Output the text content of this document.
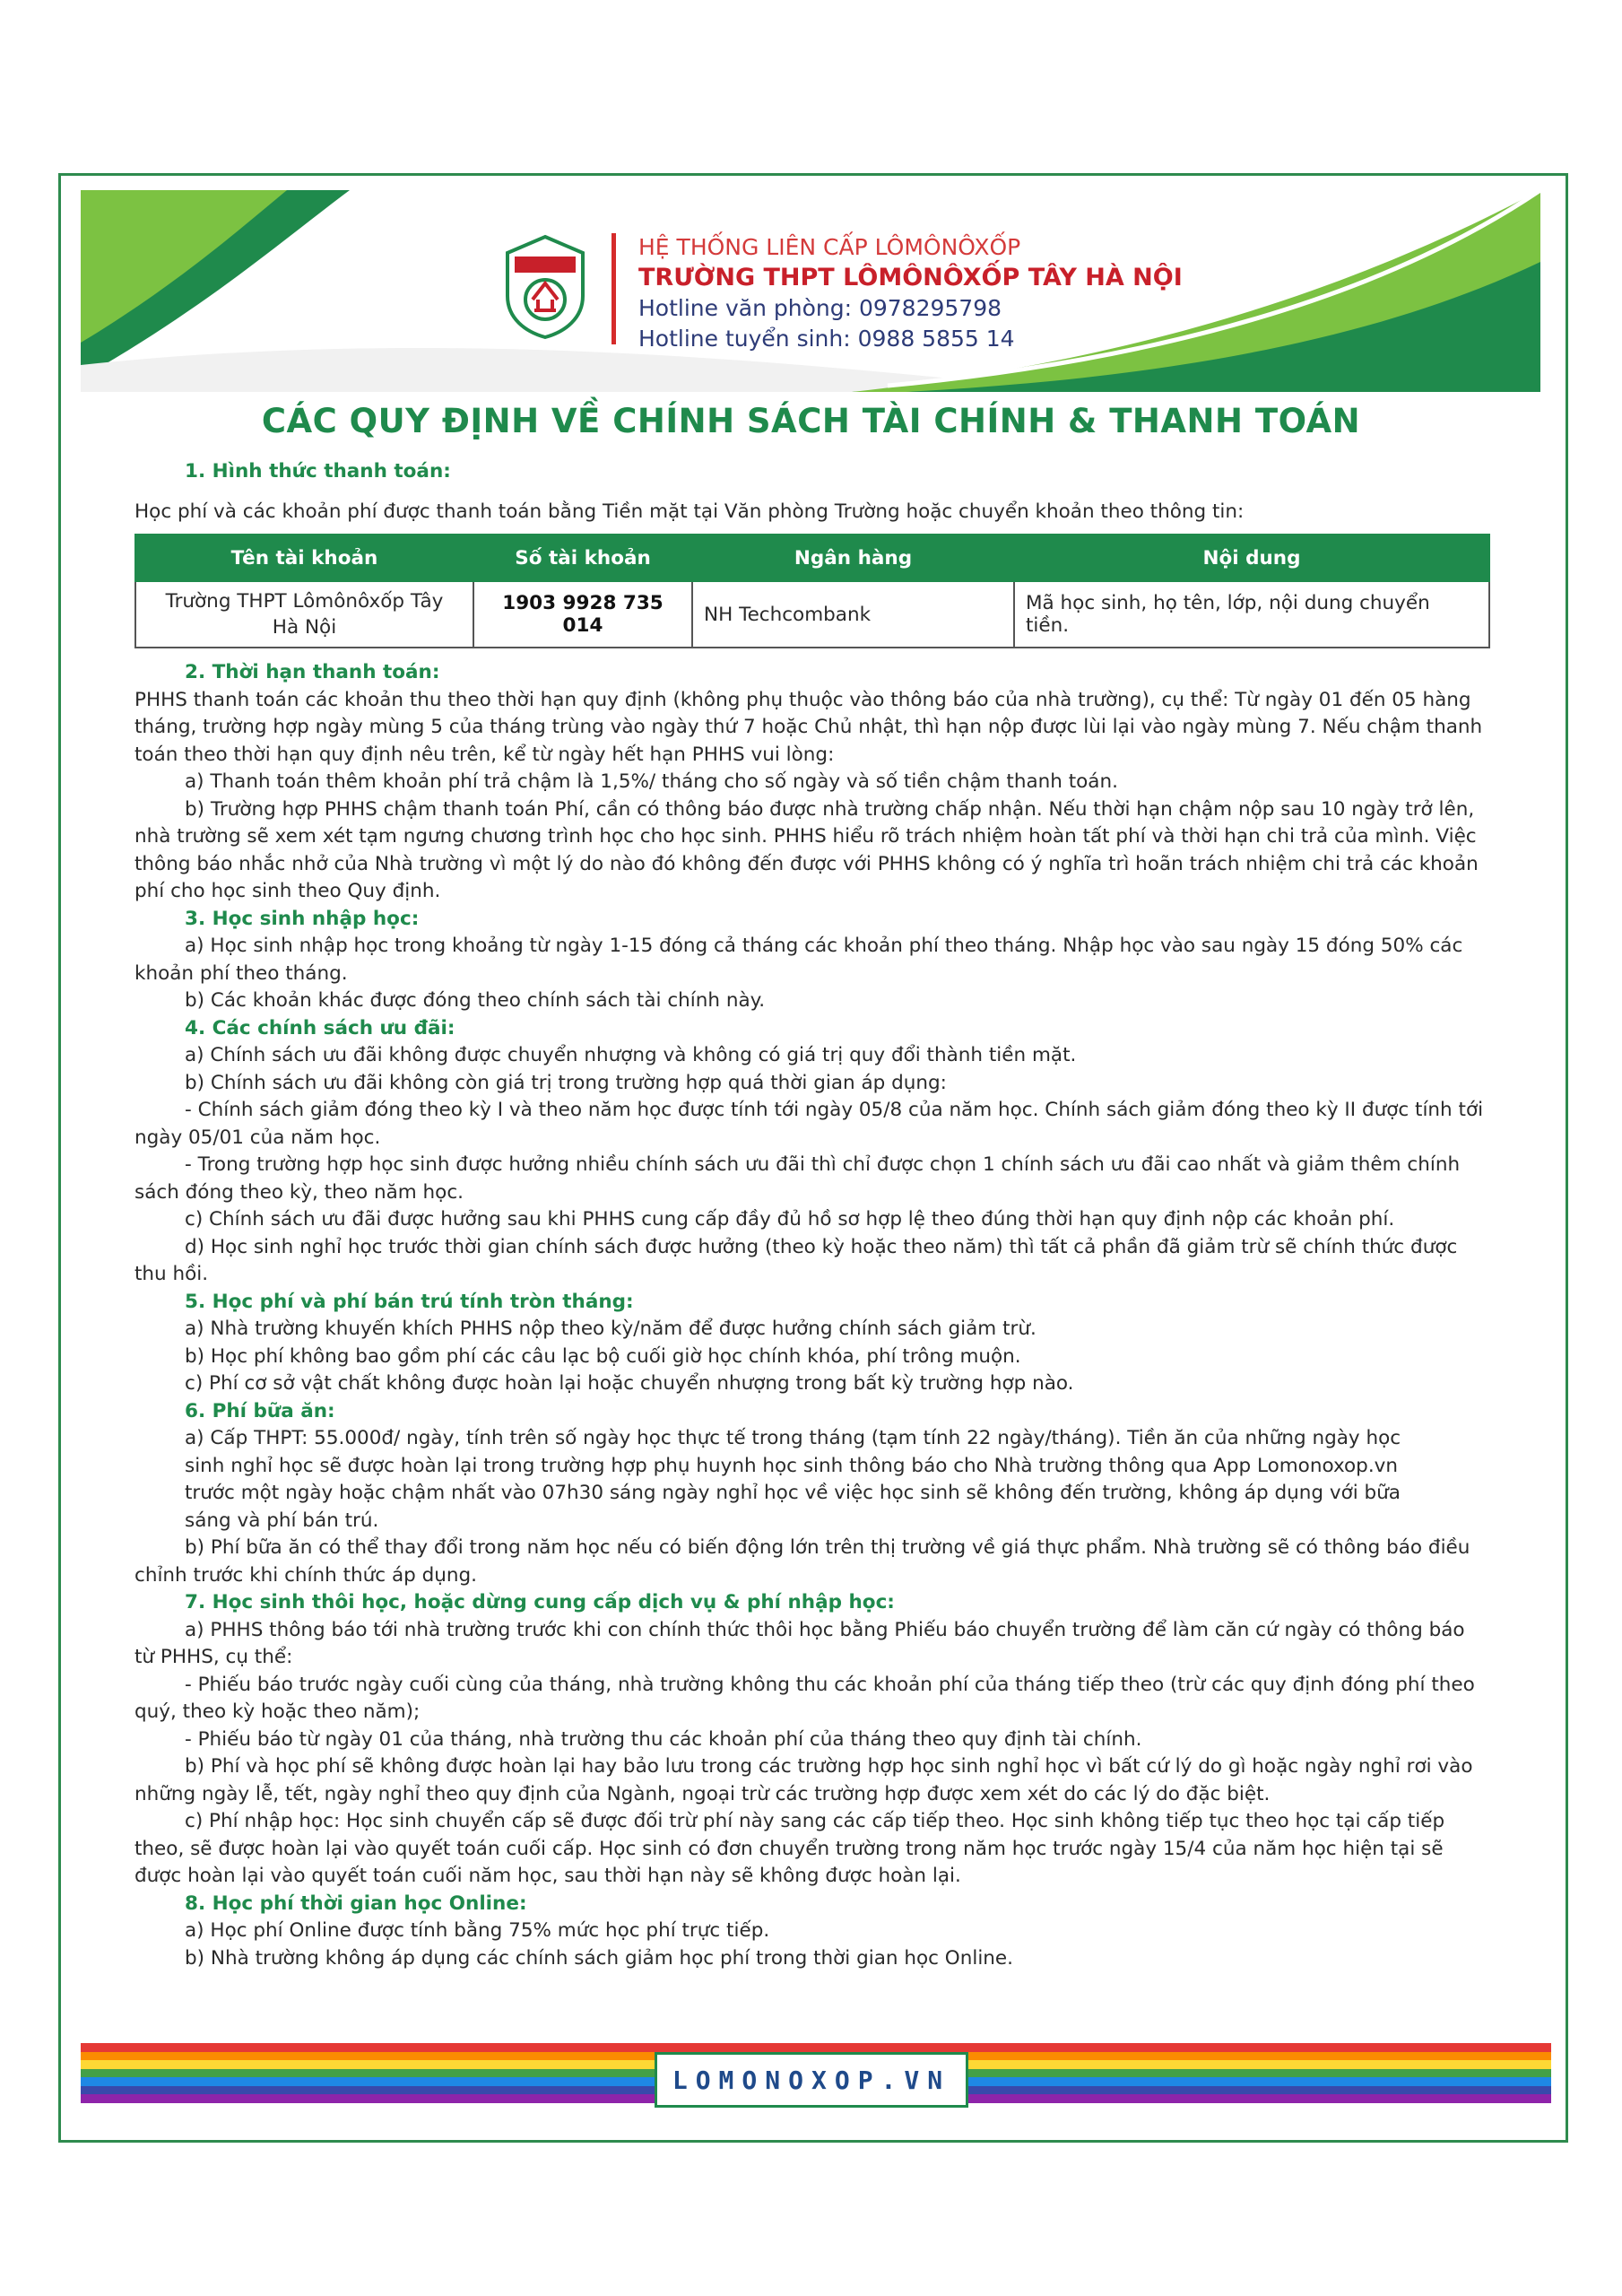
HỆ THỐNG LIÊN CẤP LÔMÔNÔXỐP
TRƯỜNG THPT LÔMÔNÔXỐP TÂY HÀ NỘI
Hotline văn phòng: 0978295798
Hotline tuyển sinh: 0988 5855 14
CÁC QUY ĐỊNH VỀ CHÍNH SÁCH TÀI CHÍNH & THANH TOÁN
1. Hình thức thanh toán:
Học phí và các khoản phí được thanh toán bằng Tiền mặt tại Văn phòng Trường hoặc chuyển khoản theo thông tin:
Tên tài khoản	Số tài khoản	Ngân hàng	Nội dung
Trường THPT Lômônôxốp Tây Hà Nội	1903 9928 735 014	NH Techcombank	Mã học sinh, họ tên, lớp, nội dung chuyển tiền.
2. Thời hạn thanh toán:
PHHS thanh toán các khoản thu theo thời hạn quy định (không phụ thuộc vào thông báo của nhà trường), cụ thể: Từ ngày 01 đến 05 hàng tháng, trường hợp ngày mùng 5 của tháng trùng vào ngày thứ 7 hoặc Chủ nhật, thì hạn nộp được lùi lại vào ngày mùng 7. Nếu chậm thanh toán theo thời hạn quy định nêu trên, kể từ ngày hết hạn PHHS vui lòng:
a) Thanh toán thêm khoản phí trả chậm là 1,5%/ tháng cho số ngày và số tiền chậm thanh toán.
b) Trường hợp PHHS chậm thanh toán Phí, cần có thông báo được nhà trường chấp nhận. Nếu thời hạn chậm nộp sau 10 ngày trở lên, nhà trường sẽ xem xét tạm ngưng chương trình học cho học sinh. PHHS hiểu rõ trách nhiệm hoàn tất phí và thời hạn chi trả của mình. Việc thông báo nhắc nhở của Nhà trường vì một lý do nào đó không đến được với PHHS không có ý nghĩa trì hoãn trách nhiệm chi trả các khoản phí cho học sinh theo Quy định.
3. Học sinh nhập học:
a) Học sinh nhập học trong khoảng từ ngày 1-15 đóng cả tháng các khoản phí theo tháng. Nhập học vào sau ngày 15 đóng 50% các khoản phí theo tháng.
b) Các khoản khác được đóng theo chính sách tài chính này.
4. Các chính sách ưu đãi:
a) Chính sách ưu đãi không được chuyển nhượng và không có giá trị quy đổi thành tiền mặt.
b) Chính sách ưu đãi không còn giá trị trong trường hợp quá thời gian áp dụng:
- Chính sách giảm đóng theo kỳ I và theo năm học được tính tới ngày 05/8 của năm học. Chính sách giảm đóng theo kỳ II được tính tới ngày 05/01 của năm học.
- Trong trường hợp học sinh được hưởng nhiều chính sách ưu đãi thì chỉ được chọn 1 chính sách ưu đãi cao nhất và giảm thêm chính sách đóng theo kỳ, theo năm học.
c) Chính sách ưu đãi được hưởng sau khi PHHS cung cấp đầy đủ hồ sơ hợp lệ theo đúng thời hạn quy định nộp các khoản phí.
d) Học sinh nghỉ học trước thời gian chính sách được hưởng (theo kỳ hoặc theo năm) thì tất cả phần đã giảm trừ sẽ chính thức được thu hồi.
5. Học phí và phí bán trú tính tròn tháng:
a) Nhà trường khuyến khích PHHS nộp theo kỳ/năm để được hưởng chính sách giảm trừ.
b) Học phí không bao gồm phí các câu lạc bộ cuối giờ học chính khóa, phí trông muộn.
c) Phí cơ sở vật chất không được hoàn lại hoặc chuyển nhượng trong bất kỳ trường hợp nào.
6. Phí bữa ăn:
a) Cấp THPT: 55.000đ/ ngày, tính trên số ngày học thực tế trong tháng (tạm tính 22 ngày/tháng). Tiền ăn của những ngày học sinh nghỉ học sẽ được hoàn lại trong trường hợp phụ huynh học sinh thông báo cho Nhà trường thông qua App Lomonoxop.vn trước một ngày hoặc chậm nhất vào 07h30 sáng ngày nghỉ học về việc học sinh sẽ không đến trường, không áp dụng với bữa sáng và phí bán trú.
b) Phí bữa ăn có thể thay đổi trong năm học nếu có biến động lớn trên thị trường về giá thực phẩm. Nhà trường sẽ có thông báo điều chỉnh trước khi chính thức áp dụng.
7. Học sinh thôi học, hoặc dừng cung cấp dịch vụ & phí nhập học:
a) PHHS thông báo tới nhà trường trước khi con chính thức thôi học bằng Phiếu báo chuyển trường để làm căn cứ ngày có thông báo từ PHHS, cụ thể:
- Phiếu báo trước ngày cuối cùng của tháng, nhà trường không thu các khoản phí của tháng tiếp theo (trừ các quy định đóng phí theo quý, theo kỳ hoặc theo năm);
- Phiếu báo từ ngày 01 của tháng, nhà trường thu các khoản phí của tháng theo quy định tài chính.
b) Phí và học phí sẽ không được hoàn lại hay bảo lưu trong các trường hợp học sinh nghỉ học vì bất cứ lý do gì hoặc ngày nghỉ rơi vào những ngày lễ, tết, ngày nghỉ theo quy định của Ngành, ngoại trừ các trường hợp được xem xét do các lý do đặc biệt.
c) Phí nhập học: Học sinh chuyển cấp sẽ được đối trừ phí này sang các cấp tiếp theo. Học sinh không tiếp tục theo học tại cấp tiếp theo, sẽ được hoàn lại vào quyết toán cuối cấp. Học sinh có đơn chuyển trường trong năm học trước ngày 15/4 của năm học hiện tại sẽ được hoàn lại vào quyết toán cuối năm học, sau thời hạn này sẽ không được hoàn lại.
8. Học phí thời gian học Online:
a) Học phí Online được tính bằng 75% mức học phí trực tiếp.
b) Nhà trường không áp dụng các chính sách giảm học phí trong thời gian học Online.
LOMONOXOP.VN
